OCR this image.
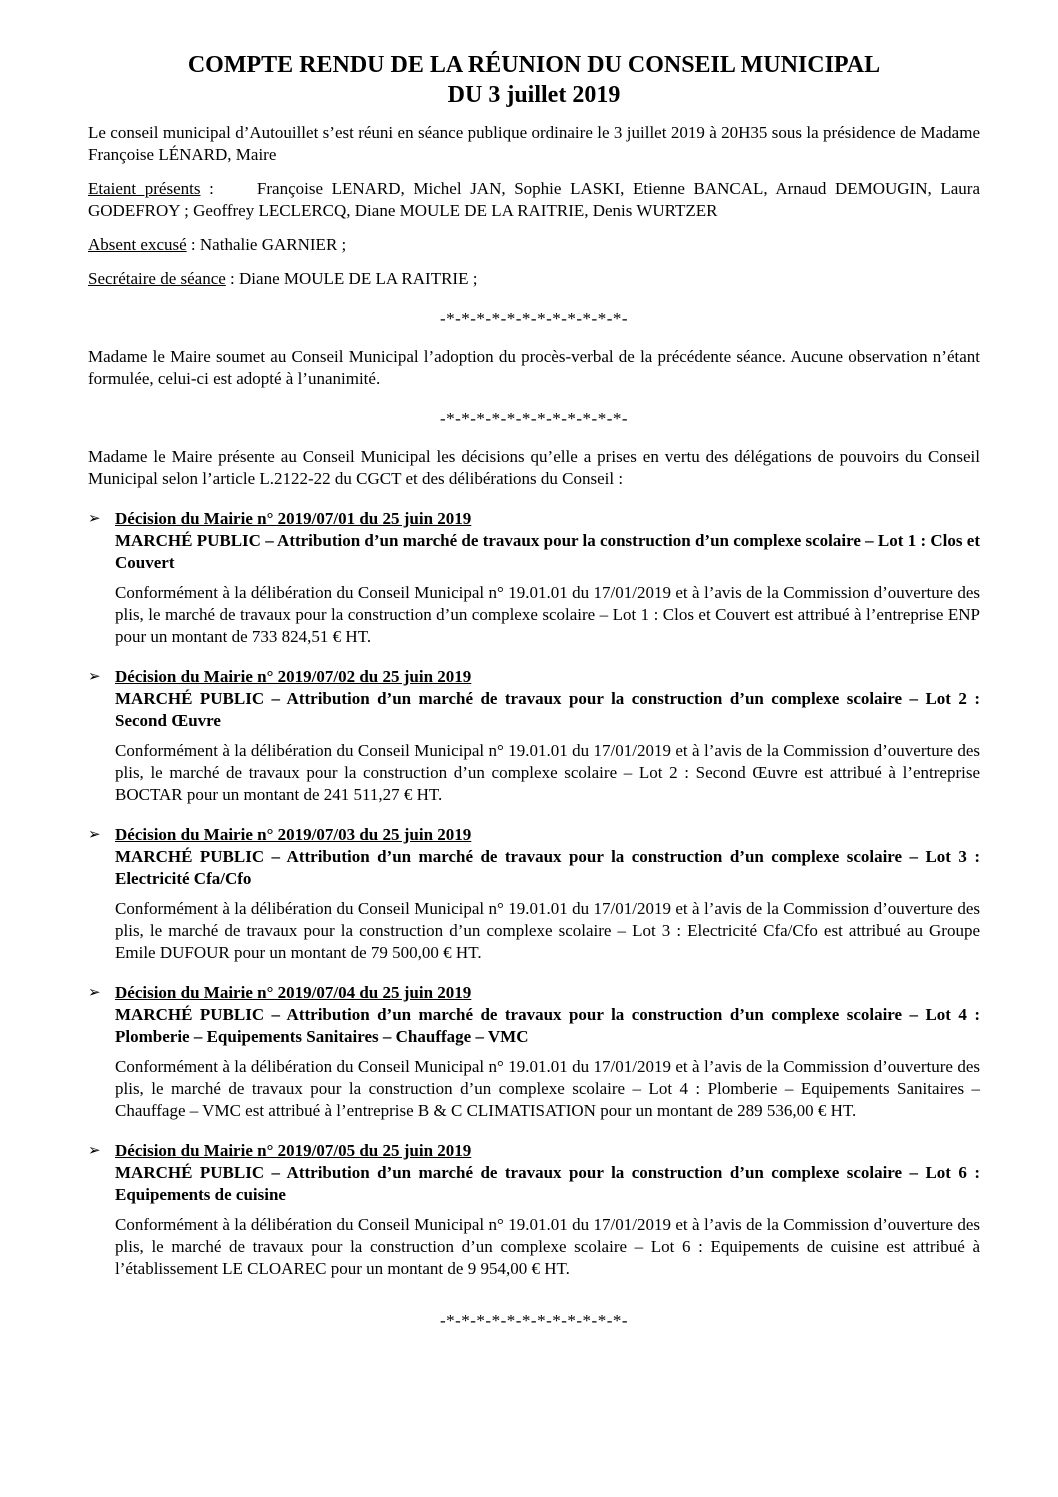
COMPTE RENDU DE LA RÉUNION DU CONSEIL MUNICIPAL
DU 3 juillet 2019

Le conseil municipal d’Autouillet s’est réuni en séance publique ordinaire le 3 juillet 2019 à 20H35 sous la présidence de Madame Françoise LÉNARD, Maire

Etaient présents :	Françoise LENARD, Michel JAN, Sophie LASKI, Etienne BANCAL, Arnaud DEMOUGIN, Laura GODEFROY ; Geoffrey LECLERCQ, Diane MOULE DE LA RAITRIE, Denis WURTZER

Absent excusé : Nathalie GARNIER ;

Secrétaire de séance : Diane MOULE DE LA RAITRIE ;

-*-*-*-*-*-*-*-*-*-*-*-*-

Madame le Maire soumet au Conseil Municipal l’adoption du procès-verbal de la précédente séance. Aucune observation n’étant formulée, celui-ci est adopté à l’unanimité.

-*-*-*-*-*-*-*-*-*-*-*-*-

Madame le Maire présente au Conseil Municipal les décisions qu’elle a prises en vertu des délégations de pouvoirs du Conseil Municipal selon l’article L.2122-22 du CGCT et des délibérations du Conseil :

➢ Décision du Mairie n° 2019/07/01 du 25 juin 2019
MARCHÉ PUBLIC – Attribution d’un marché de travaux pour la construction d’un complexe scolaire – Lot 1 : Clos et Couvert
Conformément à la délibération du Conseil Municipal n° 19.01.01 du 17/01/2019 et à l’avis de la Commission d’ouverture des plis, le marché de travaux pour la construction d’un complexe scolaire – Lot 1 : Clos et Couvert est attribué à l’entreprise ENP pour un montant de 733 824,51 € HT.
➢ Décision du Mairie n° 2019/07/02 du 25 juin 2019
MARCHÉ PUBLIC – Attribution d’un marché de travaux pour la construction d’un complexe scolaire – Lot 2 : Second Œuvre
Conformément à la délibération du Conseil Municipal n° 19.01.01 du 17/01/2019 et à l’avis de la Commission d’ouverture des plis, le marché de travaux pour la construction d’un complexe scolaire – Lot 2 : Second Œuvre est attribué à l’entreprise BOCTAR pour un montant de 241 511,27 € HT.
➢ Décision du Mairie n° 2019/07/03 du 25 juin 2019
MARCHÉ PUBLIC – Attribution d’un marché de travaux pour la construction d’un complexe scolaire – Lot 3 : Electricité Cfa/Cfo
Conformément à la délibération du Conseil Municipal n° 19.01.01 du 17/01/2019 et à l’avis de la Commission d’ouverture des plis, le marché de travaux pour la construction d’un complexe scolaire – Lot 3 : Electricité Cfa/Cfo est attribué au Groupe Emile DUFOUR pour un montant de 79 500,00 € HT.
➢ Décision du Mairie n° 2019/07/04 du 25 juin 2019
MARCHÉ PUBLIC – Attribution d’un marché de travaux pour la construction d’un complexe scolaire – Lot 4 : Plomberie – Equipements Sanitaires – Chauffage – VMC
Conformément à la délibération du Conseil Municipal n° 19.01.01 du 17/01/2019 et à l’avis de la Commission d’ouverture des plis, le marché de travaux pour la construction d’un complexe scolaire – Lot 4 : Plomberie – Equipements Sanitaires – Chauffage – VMC est attribué à l’entreprise B & C CLIMATISATION pour un montant de 289 536,00 € HT.
➢ Décision du Mairie n° 2019/07/05 du 25 juin 2019
MARCHÉ PUBLIC – Attribution d’un marché de travaux pour la construction d’un complexe scolaire – Lot 6 : Equipements de cuisine
Conformément à la délibération du Conseil Municipal n° 19.01.01 du 17/01/2019 et à l’avis de la Commission d’ouverture des plis, le marché de travaux pour la construction d’un complexe scolaire – Lot 6 : Equipements de cuisine est attribué à l’établissement LE CLOAREC pour un montant de 9 954,00 € HT.
-*-*-*-*-*-*-*-*-*-*-*-*-
